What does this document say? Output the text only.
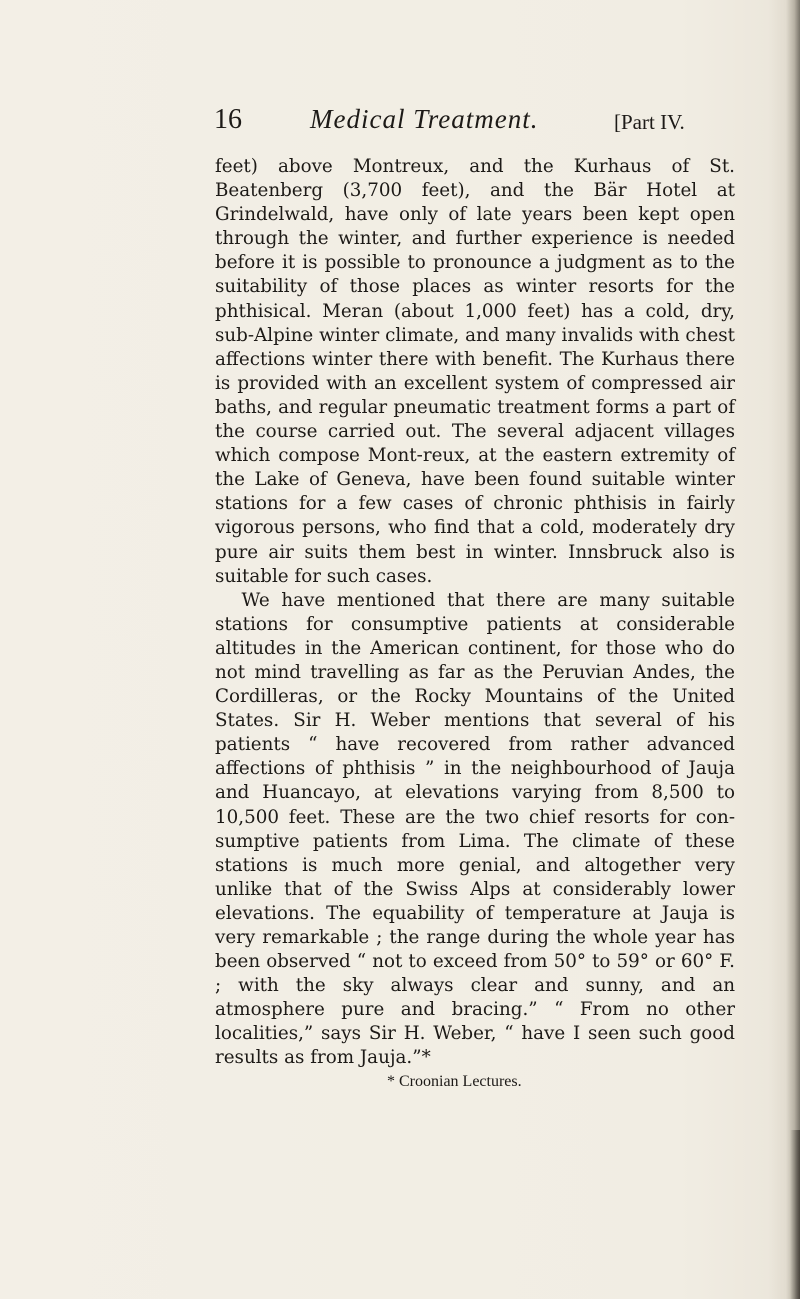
16	Medical Treatment.	[Part IV.

feet) above Montreux, and the Kurhaus of St. Beatenberg (3,700 feet), and the Bär Hotel at Grindelwald, have only of late years been kept open through the winter, and further experience is needed before it is possible to pronounce a judgment as to the suitability of those places as winter resorts for the phthisical. Meran (about 1,000 feet) has a cold, dry, sub-Alpine winter climate, and many invalids with chest affections winter there with benefit. The Kurhaus there is provided with an excellent system of compressed air baths, and regular pneumatic treatment forms a part of the course carried out. The several adjacent villages which compose Mont-reux, at the eastern extremity of the Lake of Geneva, have been found suitable winter stations for a few cases of chronic phthisis in fairly vigorous persons, who find that a cold, moderately dry pure air suits them best in winter. Innsbruck also is suitable for such cases.

We have mentioned that there are many suitable stations for consumptive patients at considerable altitudes in the American continent, for those who do not mind travelling as far as the Peruvian Andes, the Cordilleras, or the Rocky Mountains of the United States. Sir H. Weber mentions that several of his patients “ have recovered from rather advanced affections of phthisis ” in the neighbourhood of Jauja and Huancayo, at elevations varying from 8,500 to 10,500 feet. These are the two chief resorts for con-sumptive patients from Lima. The climate of these stations is much more genial, and altogether very unlike that of the Swiss Alps at considerably lower elevations. The equability of temperature at Jauja is very remarkable ; the range during the whole year has been observed “ not to exceed from 50° to 59° or 60° F. ; with the sky always clear and sunny, and an atmosphere pure and bracing.” “ From no other localities,” says Sir H. Weber, “ have I seen such good results as from Jauja.”*

* Croonian Lectures.
